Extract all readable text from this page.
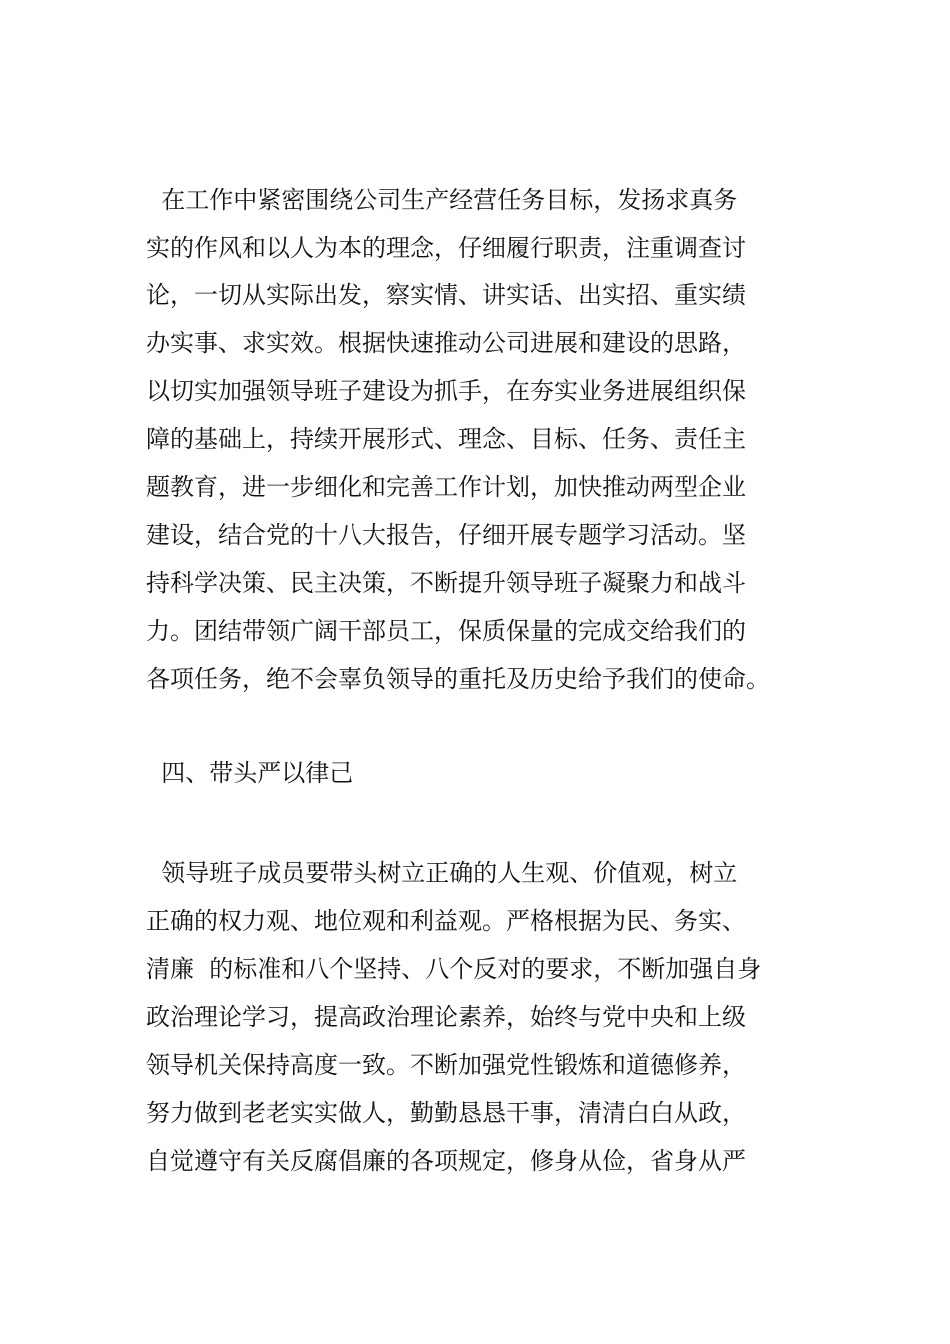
在工作中紧密围绕公司生产经营任务目标，发扬求真务
实的作风和以人为本的理念，仔细履行职责，注重调查讨
论，一切从实际出发，察实情、讲实话、出实招、重实绩
办实事、求实效。根据快速推动公司进展和建设的思路，
以切实加强领导班子建设为抓手，在夯实业务进展组织保
障的基础上，持续开展形式、理念、目标、任务、责任主
题教育，进一步细化和完善工作计划，加快推动两型企业
建设，结合党的十八大报告，仔细开展专题学习活动。坚
持科学决策、民主决策，不断提升领导班子凝聚力和战斗
力。团结带领广阔干部员工，保质保量的完成交给我们的
各项任务，绝不会辜负领导的重托及历史给予我们的使命。
四、带头严以律己
领导班子成员要带头树立正确的人生观、价值观，树立
正确的权力观、地位观和利益观。严格根据为民、务实、
清廉  的标准和八个坚持、八个反对的要求，不断加强自身
政治理论学习，提高政治理论素养，始终与党中央和上级
领导机关保持高度一致。不断加强党性锻炼和道德修养，
努力做到老老实实做人，勤勤恳恳干事，清清白白从政，
自觉遵守有关反腐倡廉的各项规定，修身从俭，省身从严
